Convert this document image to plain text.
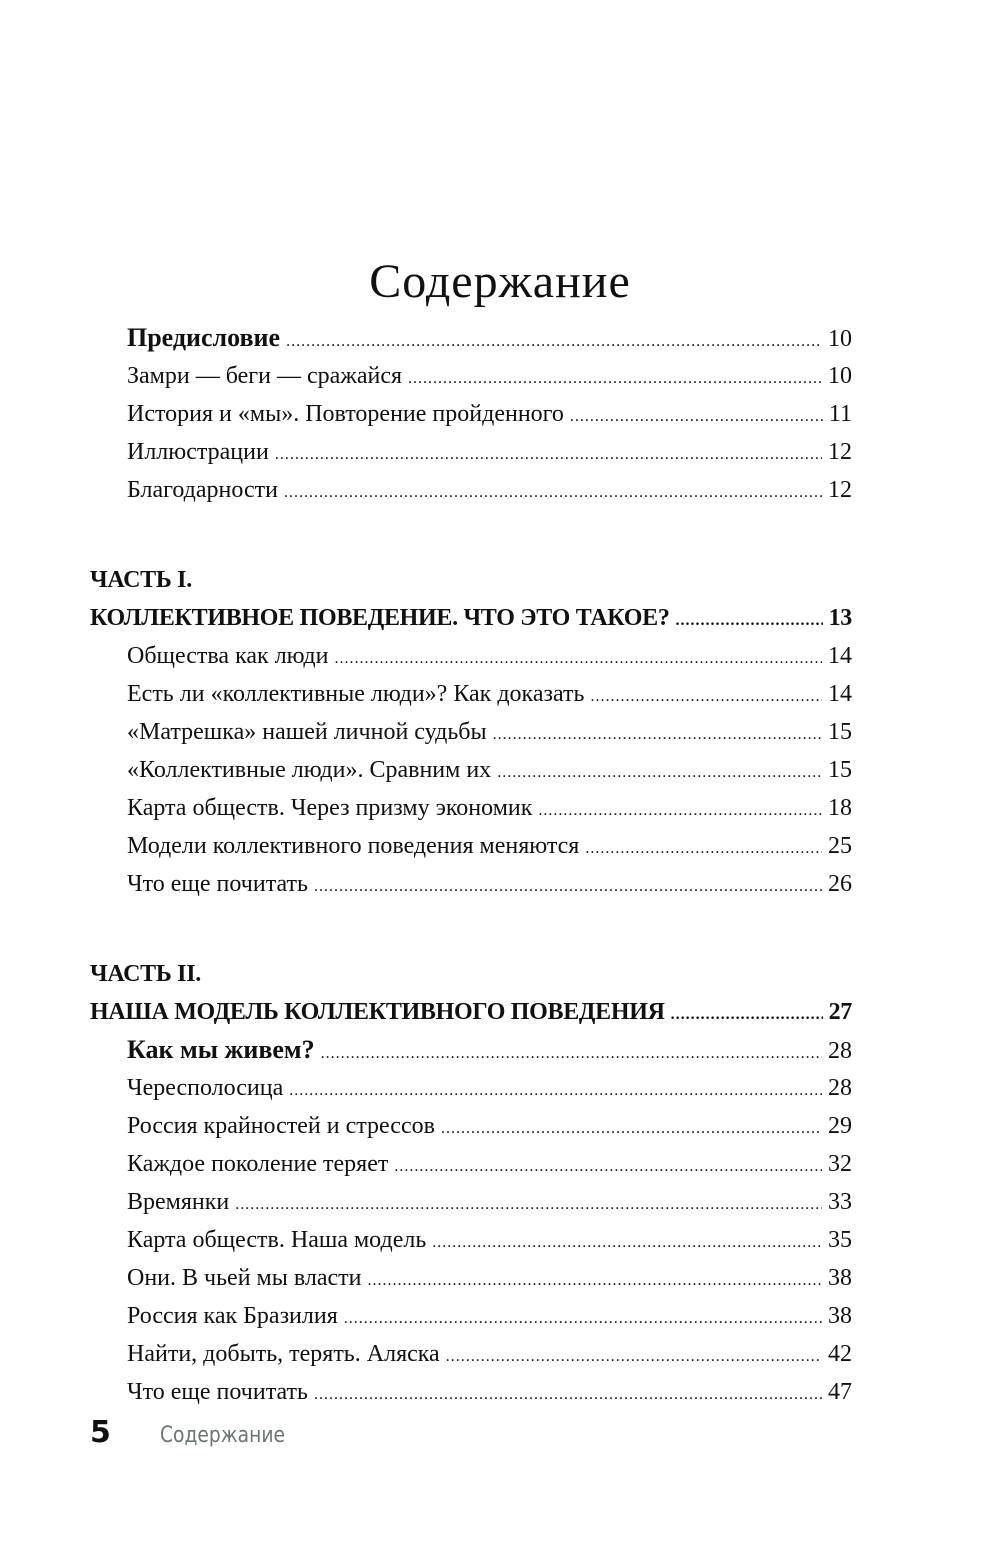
Содержание
Предисловие .....	10
Замри — беги — сражайся .....	10
История и «мы». Повторение пройденного .....	11
Иллюстрации .....	12
Благодарности .....	12
ЧАСТЬ I.
КОЛЛЕКТИВНОЕ ПОВЕДЕНИЕ. ЧТО ЭТО ТАКОЕ? .....	13
Общества как люди .....	14
Есть ли «коллективные люди»? Как доказать .....	14
«Матрешка» нашей личной судьбы .....	15
«Коллективные люди». Сравним их .....	15
Карта обществ. Через призму экономик .....	18
Модели коллективного поведения меняются .....	25
Что еще почитать .....	26
ЧАСТЬ II.
НАША МОДЕЛЬ КОЛЛЕКТИВНОГО ПОВЕДЕНИЯ .....	27
Как мы живем? .....	28
Чересполосица .....	28
Россия крайностей и стрессов .....	29
Каждое поколение теряет .....	32
Времянки .....	33
Карта обществ. Наша модель .....	35
Они. В чьей мы власти .....	38
Россия как Бразилия .....	38
Найти, добыть, терять. Аляска .....	42
Что еще почитать .....	47
5	Содержание
